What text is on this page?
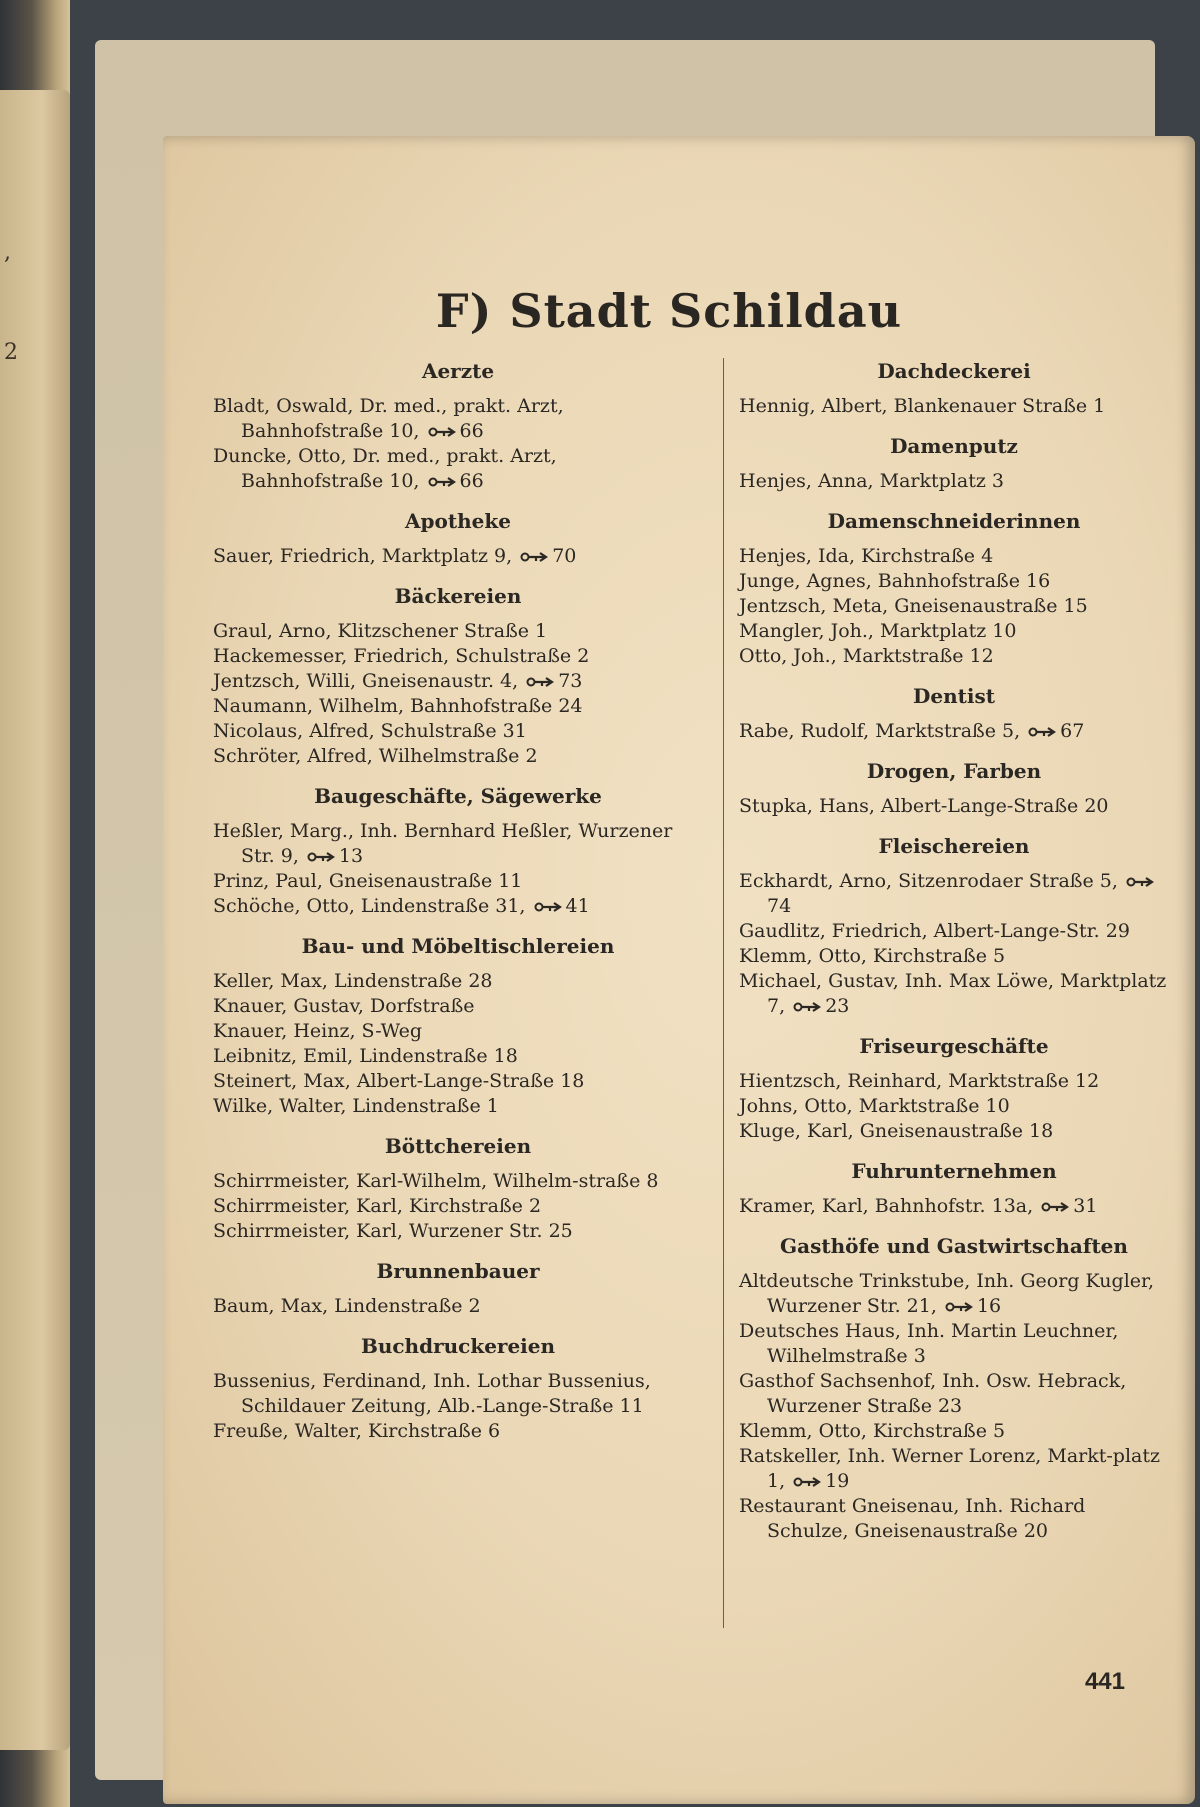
,
2
F) Stadt Schildau
Aerzte

Bladt, Oswald, Dr. med., prakt. Arzt, Bahnhofstraße 10, 66

Duncke, Otto, Dr. med., prakt. Arzt, Bahnhofstraße 10, 66

Apotheke

Sauer, Friedrich, Marktplatz 9, 70

Bäckereien

Graul, Arno, Klitzschener Straße 1

Hackemesser, Friedrich, Schulstraße 2

Jentzsch, Willi, Gneisenaustr. 4, 73

Naumann, Wilhelm, Bahnhofstraße 24

Nicolaus, Alfred, Schulstraße 31

Schröter, Alfred, Wilhelmstraße 2

Baugeschäfte, Sägewerke

Heßler, Marg., Inh. Bernhard Heßler, Wurzener Str. 9, 13

Prinz, Paul, Gneisenaustraße 11

Schöche, Otto, Lindenstraße 31, 41

Bau- und Möbeltischlereien

Keller, Max, Lindenstraße 28

Knauer, Gustav, Dorfstraße

Knauer, Heinz, S-Weg

Leibnitz, Emil, Lindenstraße 18

Steinert, Max, Albert-Lange-Straße 18

Wilke, Walter, Lindenstraße 1

Böttchereien

Schirrmeister, Karl-Wilhelm, Wilhelm-straße 8

Schirrmeister, Karl, Kirchstraße 2

Schirrmeister, Karl, Wurzener Str. 25

Brunnenbauer

Baum, Max, Lindenstraße 2

Buchdruckereien

Bussenius, Ferdinand, Inh. Lothar Bussenius, Schildauer Zeitung, Alb.-Lange-Straße 11

Freuße, Walter, Kirchstraße 6

Dachdeckerei

Hennig, Albert, Blankenauer Straße 1

Damenputz

Henjes, Anna, Marktplatz 3

Damenschneiderinnen

Henjes, Ida, Kirchstraße 4

Junge, Agnes, Bahnhofstraße 16

Jentzsch, Meta, Gneisenaustraße 15

Mangler, Joh., Marktplatz 10

Otto, Joh., Marktstraße 12

Dentist

Rabe, Rudolf, Marktstraße 5, 67

Drogen, Farben

Stupka, Hans, Albert-Lange-Straße 20

Fleischereien

Eckhardt, Arno, Sitzenrodaer Straße 5, 74

Gaudlitz, Friedrich, Albert-Lange-Str. 29

Klemm, Otto, Kirchstraße 5

Michael, Gustav, Inh. Max Löwe, Marktplatz 7, 23

Friseurgeschäfte

Hientzsch, Reinhard, Marktstraße 12

Johns, Otto, Marktstraße 10

Kluge, Karl, Gneisenaustraße 18

Fuhrunternehmen

Kramer, Karl, Bahnhofstr. 13a, 31

Gasthöfe und Gastwirtschaften

Altdeutsche Trinkstube, Inh. Georg Kugler, Wurzener Str. 21, 16

Deutsches Haus, Inh. Martin Leuchner, Wilhelmstraße 3

Gasthof Sachsenhof, Inh. Osw. Hebrack, Wurzener Straße 23

Klemm, Otto, Kirchstraße 5

Ratskeller, Inh. Werner Lorenz, Markt-platz 1, 19

Restaurant Gneisenau, Inh. Richard Schulze, Gneisenaustraße 20

441
